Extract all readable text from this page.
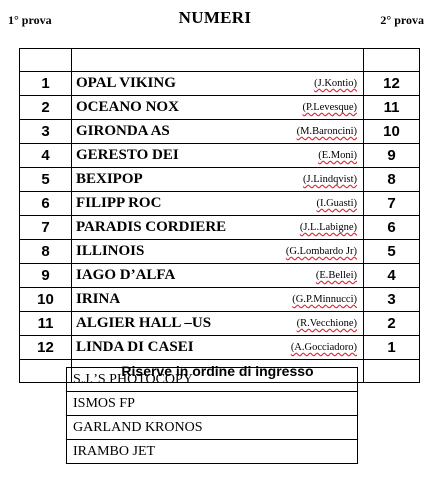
1° prova	NUMERI	2° prova

1	OPAL VIKING (J.Kontio)	12
2	OCEANO NOX (P.Levesque)	11
3	GIRONDA AS (M.Baroncini)	10
4	GERESTO DEI (E.Moni)	9
5	BEXIPOP (J.Lindqvist)	8
6	FILIPP ROC (I.Guasti)	7
7	PARADIS CORDIERE (J.L.Labigne)	6
8	ILLINOIS (G.Lombardo Jr)	5
9	IAGO D’ALFA (E.Bellei)	4
10	IRINA (G.P.Minnucci)	3
11	ALGIER HALL –US (R.Vecchione)	2
12	LINDA DI CASEI (A.Gocciadoro)	1
	Riserve in ordine di ingresso	
S.J.’S PHOTOCOPY
ISMOS FP
GARLAND KRONOS
IRAMBO JET
